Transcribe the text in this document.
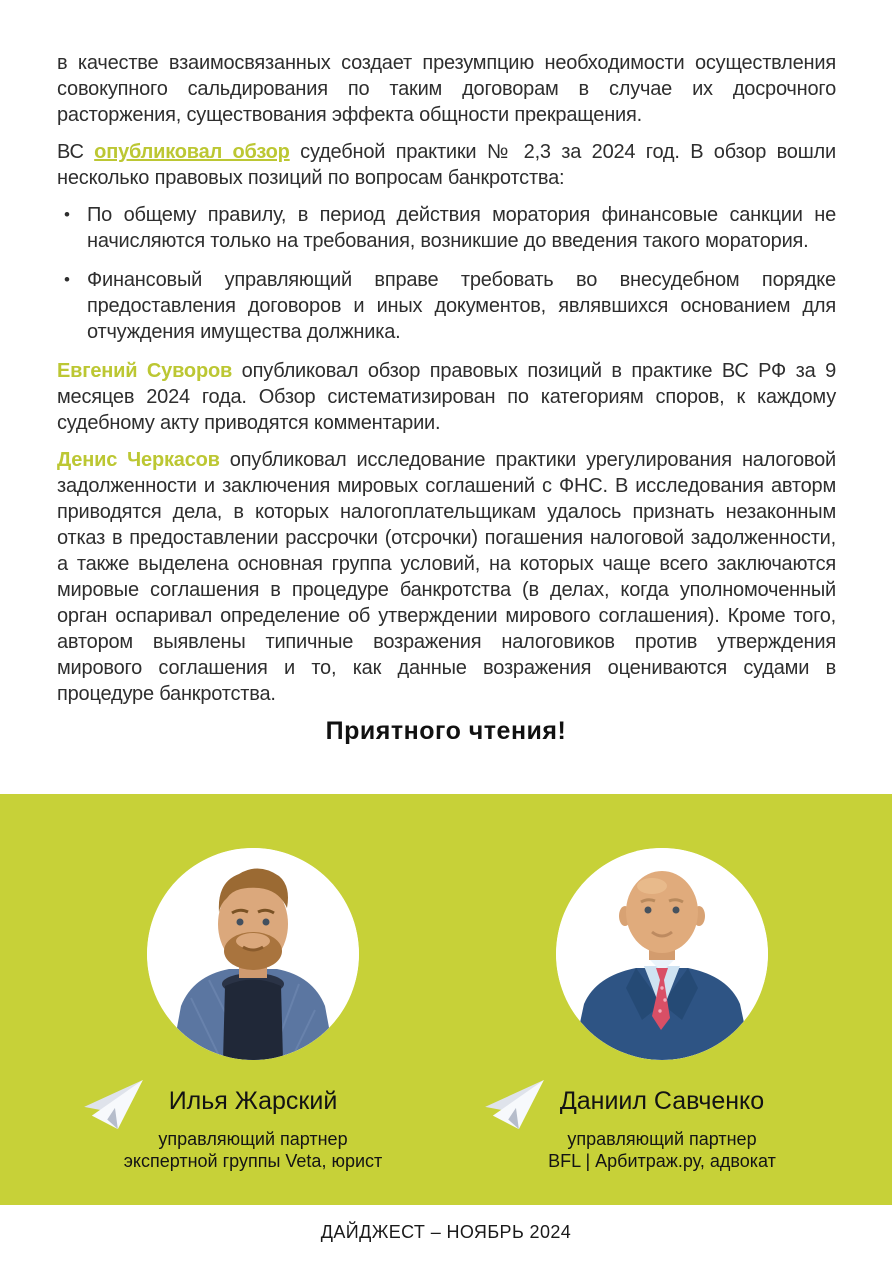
в качестве взаимосвязанных создает презумпцию необходимости осуществления совокупного сальдирования по таким договорам в случае их досрочного расторжения, существования эффекта общности прекращения.

ВС опубликовал обзор судебной практики № 2,3 за 2024 год. В обзор вошли несколько правовых позиций по вопросам банкротства:

• По общему правилу, в период действия моратория финансовые санкции не начисляются только на требования, возникшие до введения такого моратория.
• Финансовый управляющий вправе требовать во внесудебном порядке предоставления договоров и иных документов, являвшихся основанием для отчуждения имущества должника.

Евгений Суворов опубликовал обзор правовых позиций в практике ВС РФ за 9 месяцев 2024 года. Обзор систематизирован по категориям споров, к каждому судебному акту приводятся комментарии.

Денис Черкасов опубликовал исследование практики урегулирования налоговой задолженности и заключения мировых соглашений с ФНС. В исследования авторм приводятся дела, в которых налогоплательщикам удалось признать незаконным отказ в предоставлении рассрочки (отсрочки) погашения налоговой задолженности, а также выделена основная группа условий, на которых чаще всего заключаются мировые соглашения в процедуре банкротства (в делах, когда уполномоченный орган оспаривал определение об утверждении мирового соглашения). Кроме того, автором выявлены типичные возражения налоговиков против утверждения мирового соглашения и то, как данные возражения оцениваются судами в процедуре банкротства.

Приятного чтения!
Илья Жарский
управляющий партнер
экспертной группы Veta, юрист
Даниил Савченко
управляющий партнер
BFL | Арбитраж.ру, адвокат
ДАЙДЖЕСТ – НОЯБРЬ 2024
